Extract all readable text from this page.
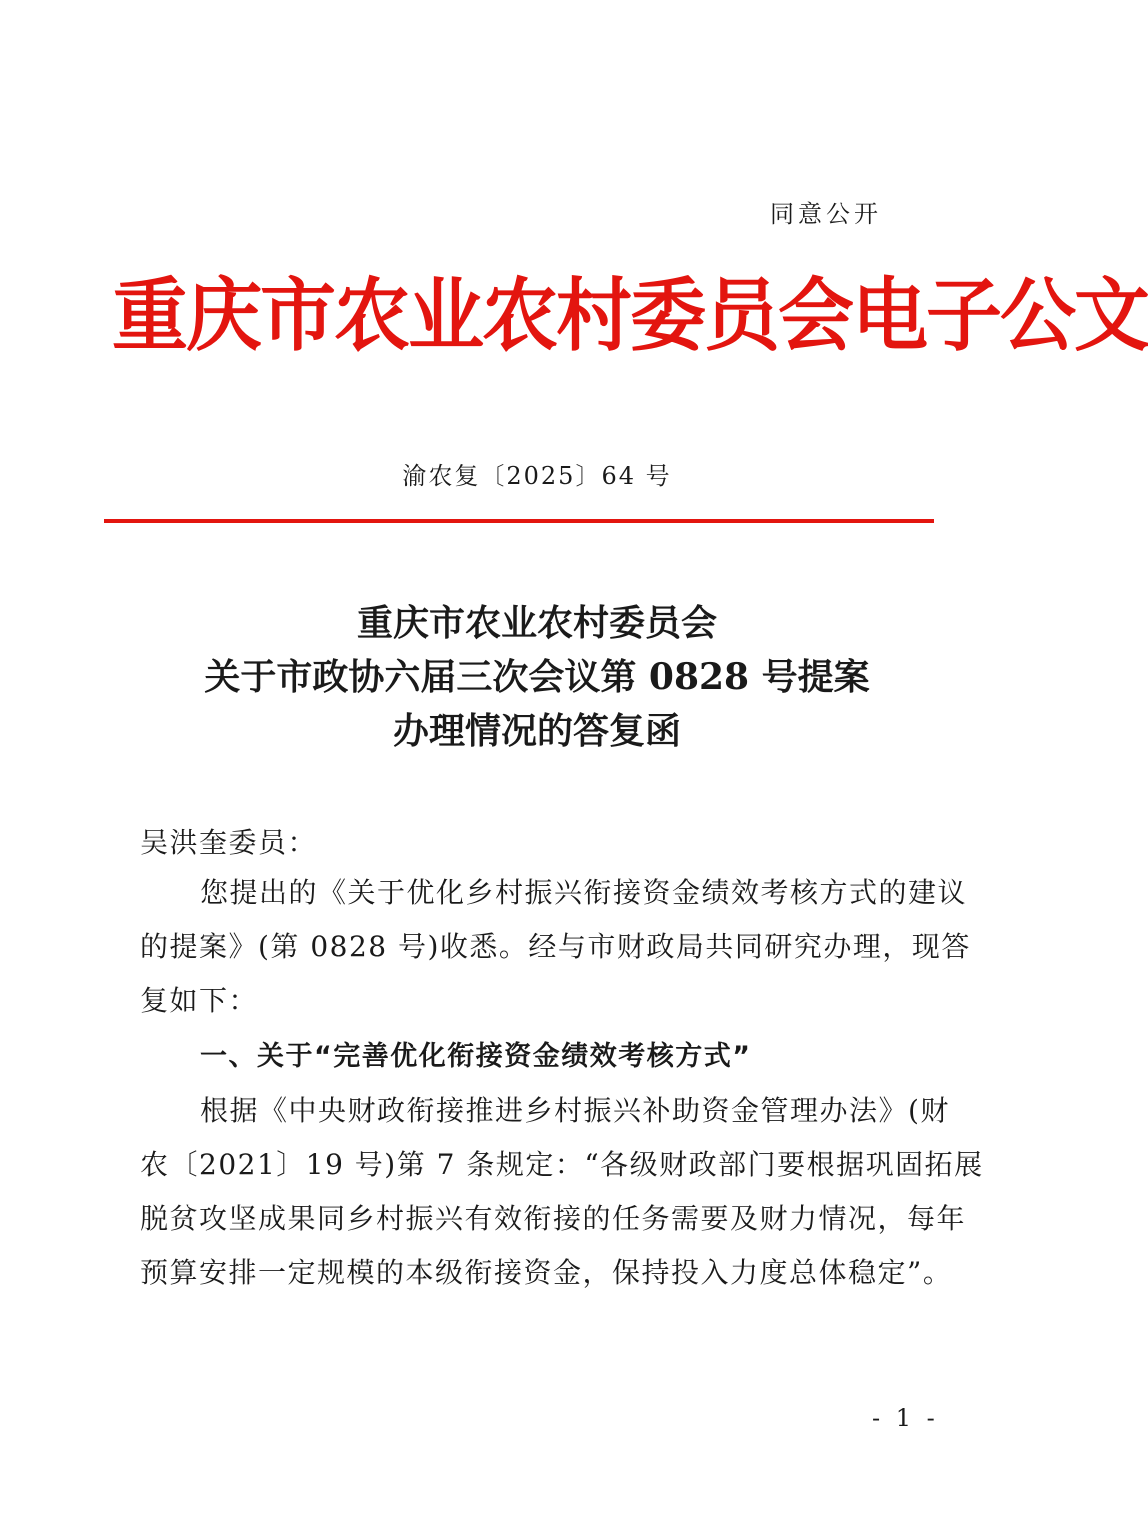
同意公开
重庆市农业农村委员会电子公文
渝农复〔2025〕64 号
重庆市农业农村委员会
关于市政协六届三次会议第 0828 号提案
办理情况的答复函
吴洪奎委员：
您提出的《关于优化乡村振兴衔接资金绩效考核方式的建议
的提案》(第 0828 号)收悉。经与市财政局共同研究办理，现答
复如下：
一、关于“完善优化衔接资金绩效考核方式”
根据《中央财政衔接推进乡村振兴补助资金管理办法》(财
农〔2021〕19 号)第 7 条规定：“各级财政部门要根据巩固拓展
脱贫攻坚成果同乡村振兴有效衔接的任务需要及财力情况，每年
预算安排一定规模的本级衔接资金，保持投入力度总体稳定”。
- 1 -
